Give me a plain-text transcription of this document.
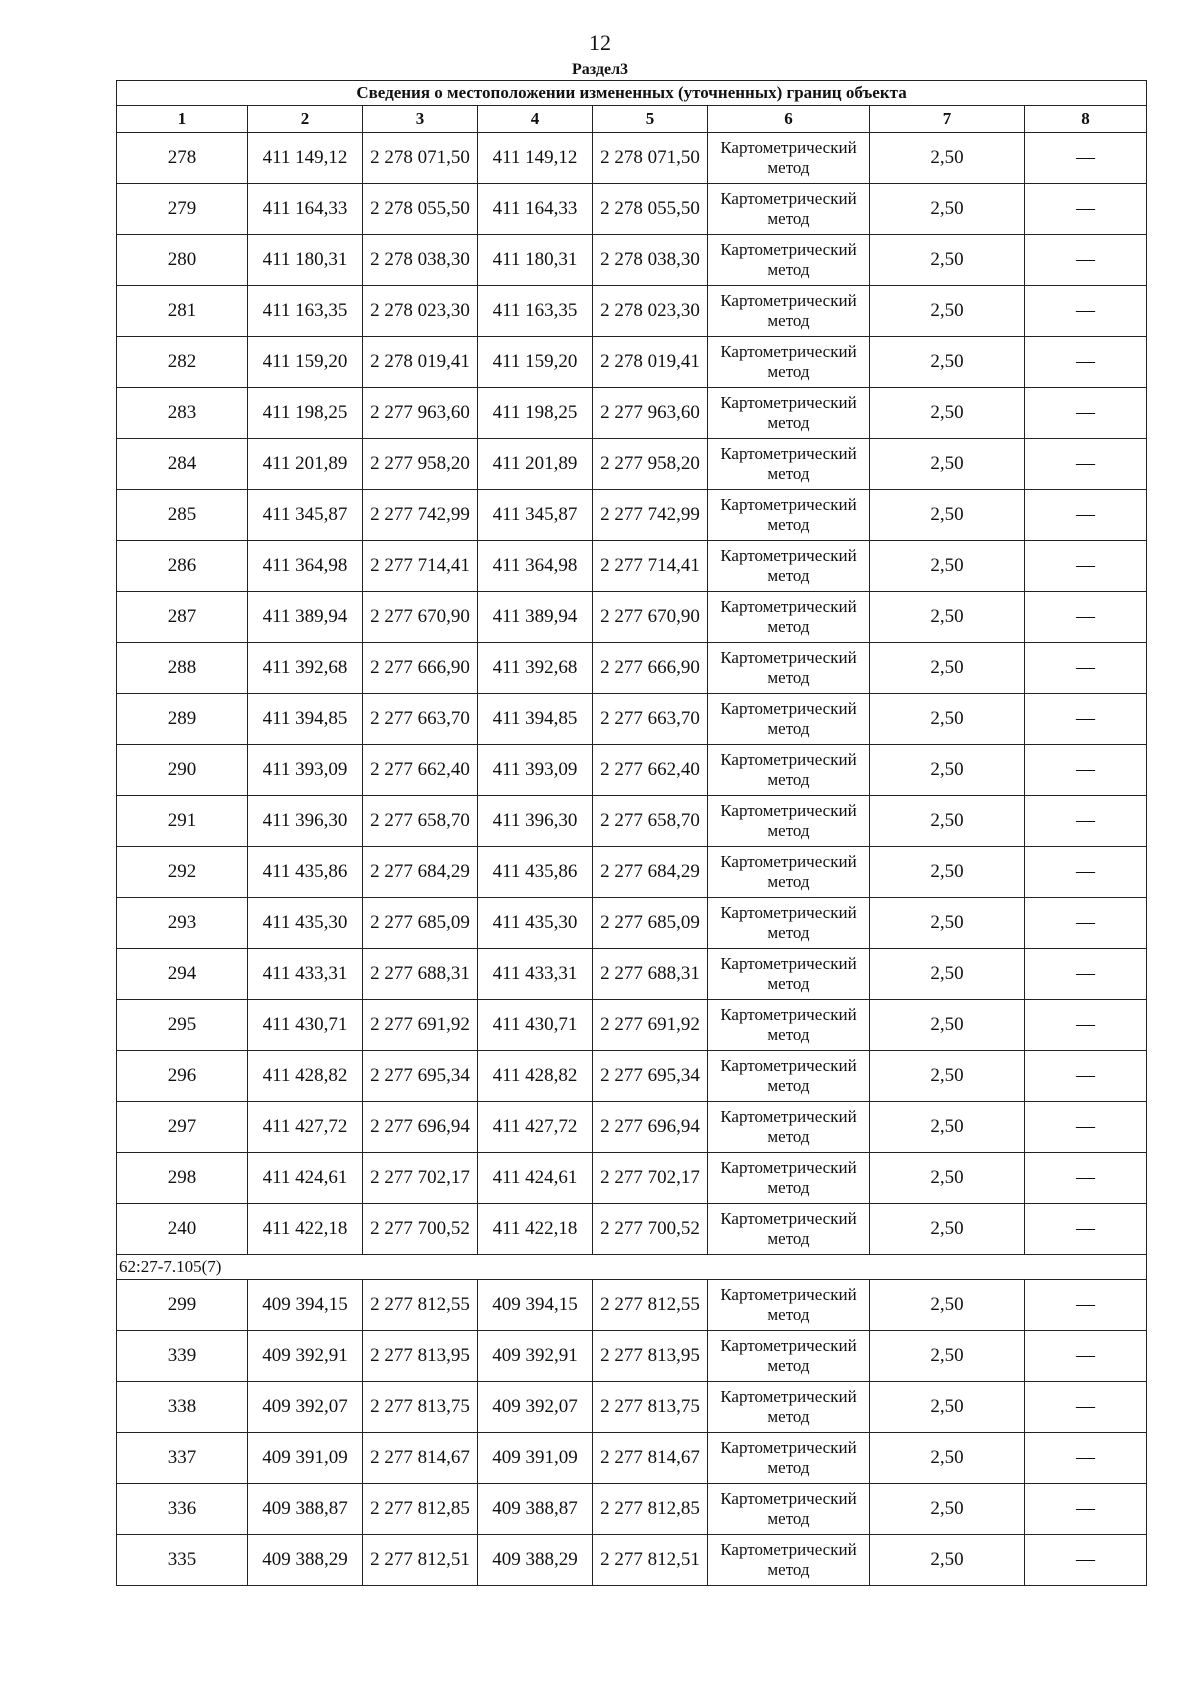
12
Раздел3
Сведения о местоположении измененных (уточненных) границ объекта							
1	2	3	4	5	6	7	8
278	411 149,12	2 278 071,50	411 149,12	2 278 071,50	Картометрический метод	2,50	—
279	411 164,33	2 278 055,50	411 164,33	2 278 055,50	Картометрический метод	2,50	—
280	411 180,31	2 278 038,30	411 180,31	2 278 038,30	Картометрический метод	2,50	—
281	411 163,35	2 278 023,30	411 163,35	2 278 023,30	Картометрический метод	2,50	—
282	411 159,20	2 278 019,41	411 159,20	2 278 019,41	Картометрический метод	2,50	—
283	411 198,25	2 277 963,60	411 198,25	2 277 963,60	Картометрический метод	2,50	—
284	411 201,89	2 277 958,20	411 201,89	2 277 958,20	Картометрический метод	2,50	—
285	411 345,87	2 277 742,99	411 345,87	2 277 742,99	Картометрический метод	2,50	—
286	411 364,98	2 277 714,41	411 364,98	2 277 714,41	Картометрический метод	2,50	—
287	411 389,94	2 277 670,90	411 389,94	2 277 670,90	Картометрический метод	2,50	—
288	411 392,68	2 277 666,90	411 392,68	2 277 666,90	Картометрический метод	2,50	—
289	411 394,85	2 277 663,70	411 394,85	2 277 663,70	Картометрический метод	2,50	—
290	411 393,09	2 277 662,40	411 393,09	2 277 662,40	Картометрический метод	2,50	—
291	411 396,30	2 277 658,70	411 396,30	2 277 658,70	Картометрический метод	2,50	—
292	411 435,86	2 277 684,29	411 435,86	2 277 684,29	Картометрический метод	2,50	—
293	411 435,30	2 277 685,09	411 435,30	2 277 685,09	Картометрический метод	2,50	—
294	411 433,31	2 277 688,31	411 433,31	2 277 688,31	Картометрический метод	2,50	—
295	411 430,71	2 277 691,92	411 430,71	2 277 691,92	Картометрический метод	2,50	—
296	411 428,82	2 277 695,34	411 428,82	2 277 695,34	Картометрический метод	2,50	—
297	411 427,72	2 277 696,94	411 427,72	2 277 696,94	Картометрический метод	2,50	—
298	411 424,61	2 277 702,17	411 424,61	2 277 702,17	Картометрический метод	2,50	—
240	411 422,18	2 277 700,52	411 422,18	2 277 700,52	Картометрический метод	2,50	—
62:27-7.105(7)							
299	409 394,15	2 277 812,55	409 394,15	2 277 812,55	Картометрический метод	2,50	—
339	409 392,91	2 277 813,95	409 392,91	2 277 813,95	Картометрический метод	2,50	—
338	409 392,07	2 277 813,75	409 392,07	2 277 813,75	Картометрический метод	2,50	—
337	409 391,09	2 277 814,67	409 391,09	2 277 814,67	Картометрический метод	2,50	—
336	409 388,87	2 277 812,85	409 388,87	2 277 812,85	Картометрический метод	2,50	—
335	409 388,29	2 277 812,51	409 388,29	2 277 812,51	Картометрический метод	2,50	—
